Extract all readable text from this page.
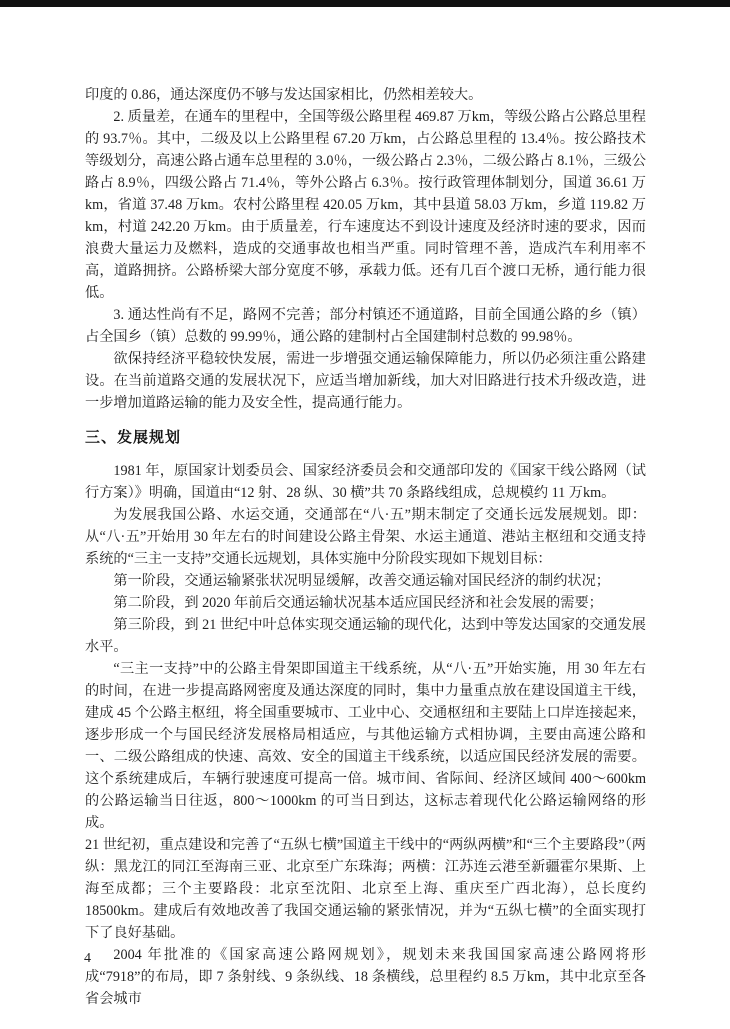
印度的 0.86，通达深度仍不够与发达国家相比，仍然相差较大。

2. 质量差，在通车的里程中，全国等级公路里程 469.87 万km，等级公路占公路总里程的 93.7％。其中，二级及以上公路里程 67.20 万km，占公路总里程的 13.4％。按公路技术等级划分，高速公路占通车总里程的 3.0％，一级公路占 2.3％，二级公路占 8.1％，三级公路占 8.9％，四级公路占 71.4％，等外公路占 6.3％。按行政管理体制划分，国道 36.61 万km，省道 37.48 万km。农村公路里程 420.05 万km，其中县道 58.03 万km，乡道 119.82 万km，村道 242.20 万km。由于质量差，行车速度达不到设计速度及经济时速的要求，因而浪费大量运力及燃料，造成的交通事故也相当严重。同时管理不善，造成汽车利用率不高，道路拥挤。公路桥梁大部分宽度不够，承载力低。还有几百个渡口无桥，通行能力很低。

3. 通达性尚有不足，路网不完善；部分村镇还不通道路，目前全国通公路的乡（镇）占全国乡（镇）总数的 99.99％，通公路的建制村占全国建制村总数的 99.98％。

欲保持经济平稳较快发展，需进一步增强交通运输保障能力，所以仍必须注重公路建设。在当前道路交通的发展状况下，应适当增加新线，加大对旧路进行技术升级改造，进一步增加道路运输的能力及安全性，提高通行能力。

三、发展规划

1981 年，原国家计划委员会、国家经济委员会和交通部印发的《国家干线公路网（试行方案）》明确，国道由“12 射、28 纵、30 横”共 70 条路线组成，总规模约 11 万km。

为发展我国公路、水运交通，交通部在“八·五”期末制定了交通长远发展规划。即：从“八·五”开始用 30 年左右的时间建设公路主骨架、水运主通道、港站主枢纽和交通支持系统的“三主一支持”交通长远规划，具体实施中分阶段实现如下规划目标：

第一阶段，交通运输紧张状况明显缓解，改善交通运输对国民经济的制约状况；

第二阶段，到 2020 年前后交通运输状况基本适应国民经济和社会发展的需要；

第三阶段，到 21 世纪中叶总体实现交通运输的现代化，达到中等发达国家的交通发展水平。

“三主一支持”中的公路主骨架即国道主干线系统，从“八·五”开始实施，用 30 年左右的时间，在进一步提高路网密度及通达深度的同时，集中力量重点放在建设国道主干线，建成 45 个公路主枢纽，将全国重要城市、工业中心、交通枢纽和主要陆上口岸连接起来，逐步形成一个与国民经济发展格局相适应，与其他运输方式相协调，主要由高速公路和一、二级公路组成的快速、高效、安全的国道主干线系统，以适应国民经济发展的需要。这个系统建成后，车辆行驶速度可提高一倍。城市间、省际间、经济区域间 400～600km 的公路运输当日往返，800～1000km 的可当日到达，这标志着现代化公路运输网络的形成。

21 世纪初，重点建设和完善了“五纵七横”国道主干线中的“两纵两横”和“三个主要路段”（两纵：黑龙江的同江至海南三亚、北京至广东珠海；两横：江苏连云港至新疆霍尔果斯、上海至成都；三个主要路段：北京至沈阳、北京至上海、重庆至广西北海），总长度约 18500km。建成后有效地改善了我国交通运输的紧张情况，并为“五纵七横”的全面实现打下了良好基础。

2004 年批准的《国家高速公路网规划》，规划未来我国国家高速公路网将形成“7918”的布局，即 7 条射线、9 条纵线、18 条横线，总里程约 8.5 万km，其中北京至各省会城市

4
